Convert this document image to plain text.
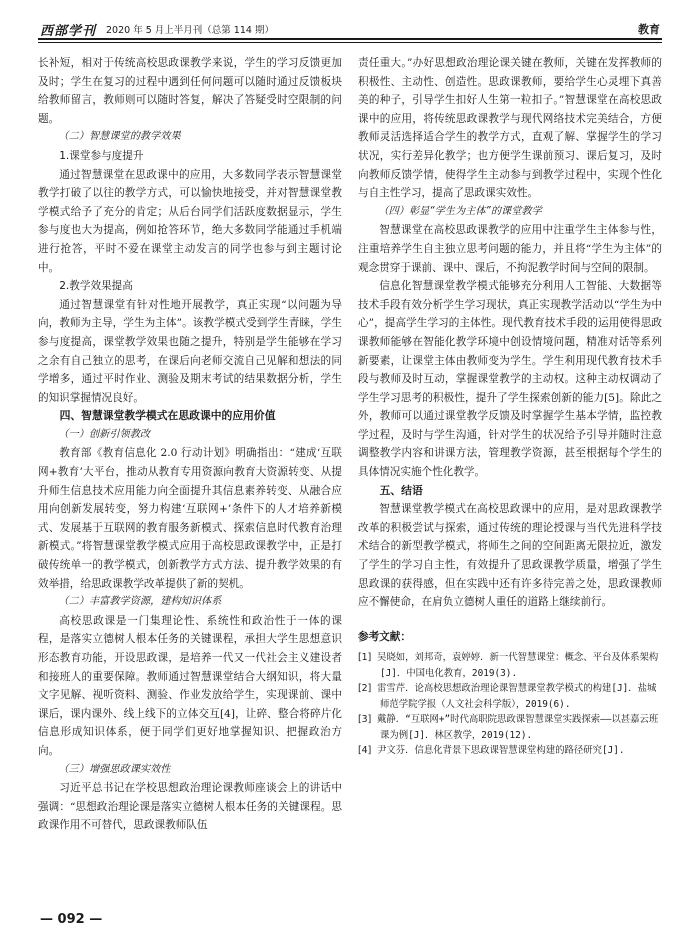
西部学刊 2020 年 5 月上半月刊（总第 114 期）	教育

长补短，相对于传统高校思政课教学来说，学生的学习反馈更加及时；学生在复习的过程中遇到任何问题可以随时通过反馈板块给教师留言，教师则可以随时答复，解决了答疑受时空限制的问题。

（二）智慧课堂的教学效果
1.课堂参与度提升

通过智慧课堂在思政课中的应用，大多数同学表示智慧课堂教学打破了以往的教学方式，可以愉快地接受，并对智慧课堂教学模式给予了充分的肯定；从后台同学们活跃度数据显示，学生参与度也大为提高，例如抢答环节，绝大多数同学能通过手机端进行抢答，平时不爱在课堂主动发言的同学也参与到主题讨论中。

2.教学效果提高

通过智慧课堂有针对性地开展教学，真正实现“以问题为导向，教师为主导，学生为主体”。该教学模式受到学生青睐，学生参与度提高，课堂教学效果也随之提升，特别是学生能够在学习之余有自己独立的思考，在课后向老师交流自己见解和想法的同学增多，通过平时作业、测验及期末考试的结果数据分析，学生的知识掌握情况良好。

四、智慧课堂教学模式在思政课中的应用价值
（一）创新引领教改

教育部《教育信息化 2.0 行动计划》明确指出：“建成‘互联网+教育’大平台，推动从教育专用资源向教育大资源转变、从提升师生信息技术应用能力向全面提升其信息素养转变、从融合应用向创新发展转变，努力构建‘互联网+’条件下的人才培养新模式、发展基于互联网的教育服务新模式、探索信息时代教育治理新模式。”将智慧课堂教学模式应用于高校思政课教学中，正是打破传统单一的教学模式，创新教学方式方法、提升教学效果的有效举措，给思政课教学改革提供了新的契机。

（二）丰富教学资源，建构知识体系

高校思政课是一门集理论性、系统性和政治性于一体的课程，是落实立德树人根本任务的关键课程，承担大学生思想意识形态教育功能，开设思政课，是培养一代又一代社会主义建设者和接班人的重要保障。教师通过智慧课堂结合大纲知识，将大量文字见解、视听资料、测验、作业发放给学生，实现课前、课中课后，课内课外、线上线下的立体交互[4]，让碎、整合将碎片化信息形成知识体系，便于同学们更好地掌握知识、把握政治方向。

（三）增强思政课实效性

习近平总书记在学校思想政治理论课教师座谈会上的讲话中强调：“思想政治理论课是落实立德树人根本任务的关键课程。思政课作用不可替代，思政课教师队伍

责任重大。”办好思想政治理论课关键在教师，关键在发挥教师的积极性、主动性、创造性。思政课教师，要给学生心灵埋下真善美的种子，引导学生扣好人生第一粒扣子。”智慧课堂在高校思政课中的应用，将传统思政课教学与现代网络技术完美结合，方便教师灵活选择适合学生的教学方式，直观了解、掌握学生的学习状况，实行差异化教学；也方便学生课前预习、课后复习，及时向教师反馈学情，使得学生主动参与到教学过程中，实现个性化与自主性学习，提高了思政课实效性。

（四）彰显“学生为主体”的课堂教学

智慧课堂在高校思政课教学的应用中注重学生主体参与性，注重培养学生自主独立思考问题的能力，并且将“学生为主体”的观念贯穿于课前、课中、课后，不拘泥教学时间与空间的限制。

信息化智慧课堂教学模式能够充分利用人工智能、大数据等技术手段有效分析学生学习现状，真正实现教学活动以“学生为中心”，提高学生学习的主体性。现代教育技术手段的运用使得思政课教师能够在智能化教学环境中创设情境问题，精准对话等系列新要素，让课堂主体由教师变为学生。学生利用现代教育技术手段与教师及时互动，掌握课堂教学的主动权。这种主动权调动了学生学习思考的积极性，提升了学生探索创新的能力[5]。除此之外，教师可以通过课堂教学反馈及时掌握学生基本学情，监控教学过程，及时与学生沟通，针对学生的状况给予引导并随时注意调整教学内容和讲课方法，管理教学资源，甚至根据每个学生的具体情况实施个性化教学。

五、结语

智慧课堂教学模式在高校思政课中的应用，是对思政课教学改革的积极尝试与探索，通过传统的理论授课与当代先进科学技术结合的新型教学模式，将师生之间的空间距离无限拉近，激发了学生的学习自主性，有效提升了思政课教学质量，增强了学生思政课的获得感，但在实践中还有许多待完善之处，思政课教师应不懈使命，在肩负立德树人重任的道路上继续前行。

参考文献：
[1] 吴晓如，刘邦奇，袁婷婷．新一代智慧课堂：概念、平台及体系架构[J]．中国电化教育，2019(3).
[2] 雷雪芹．论高校思想政治理论课智慧课堂教学模式的构建[J]．盐城师范学院学报（人文社会科学版），2019(6).
[3] 戴静．“互联网+”时代高职院思政课智慧课堂实践探索——以甚嘉云班课为例[J]．林区教学，2019(12).
[4] 尹文芬．信息化背景下思政课智慧课堂构建的路径研究[J].
— 092 —
